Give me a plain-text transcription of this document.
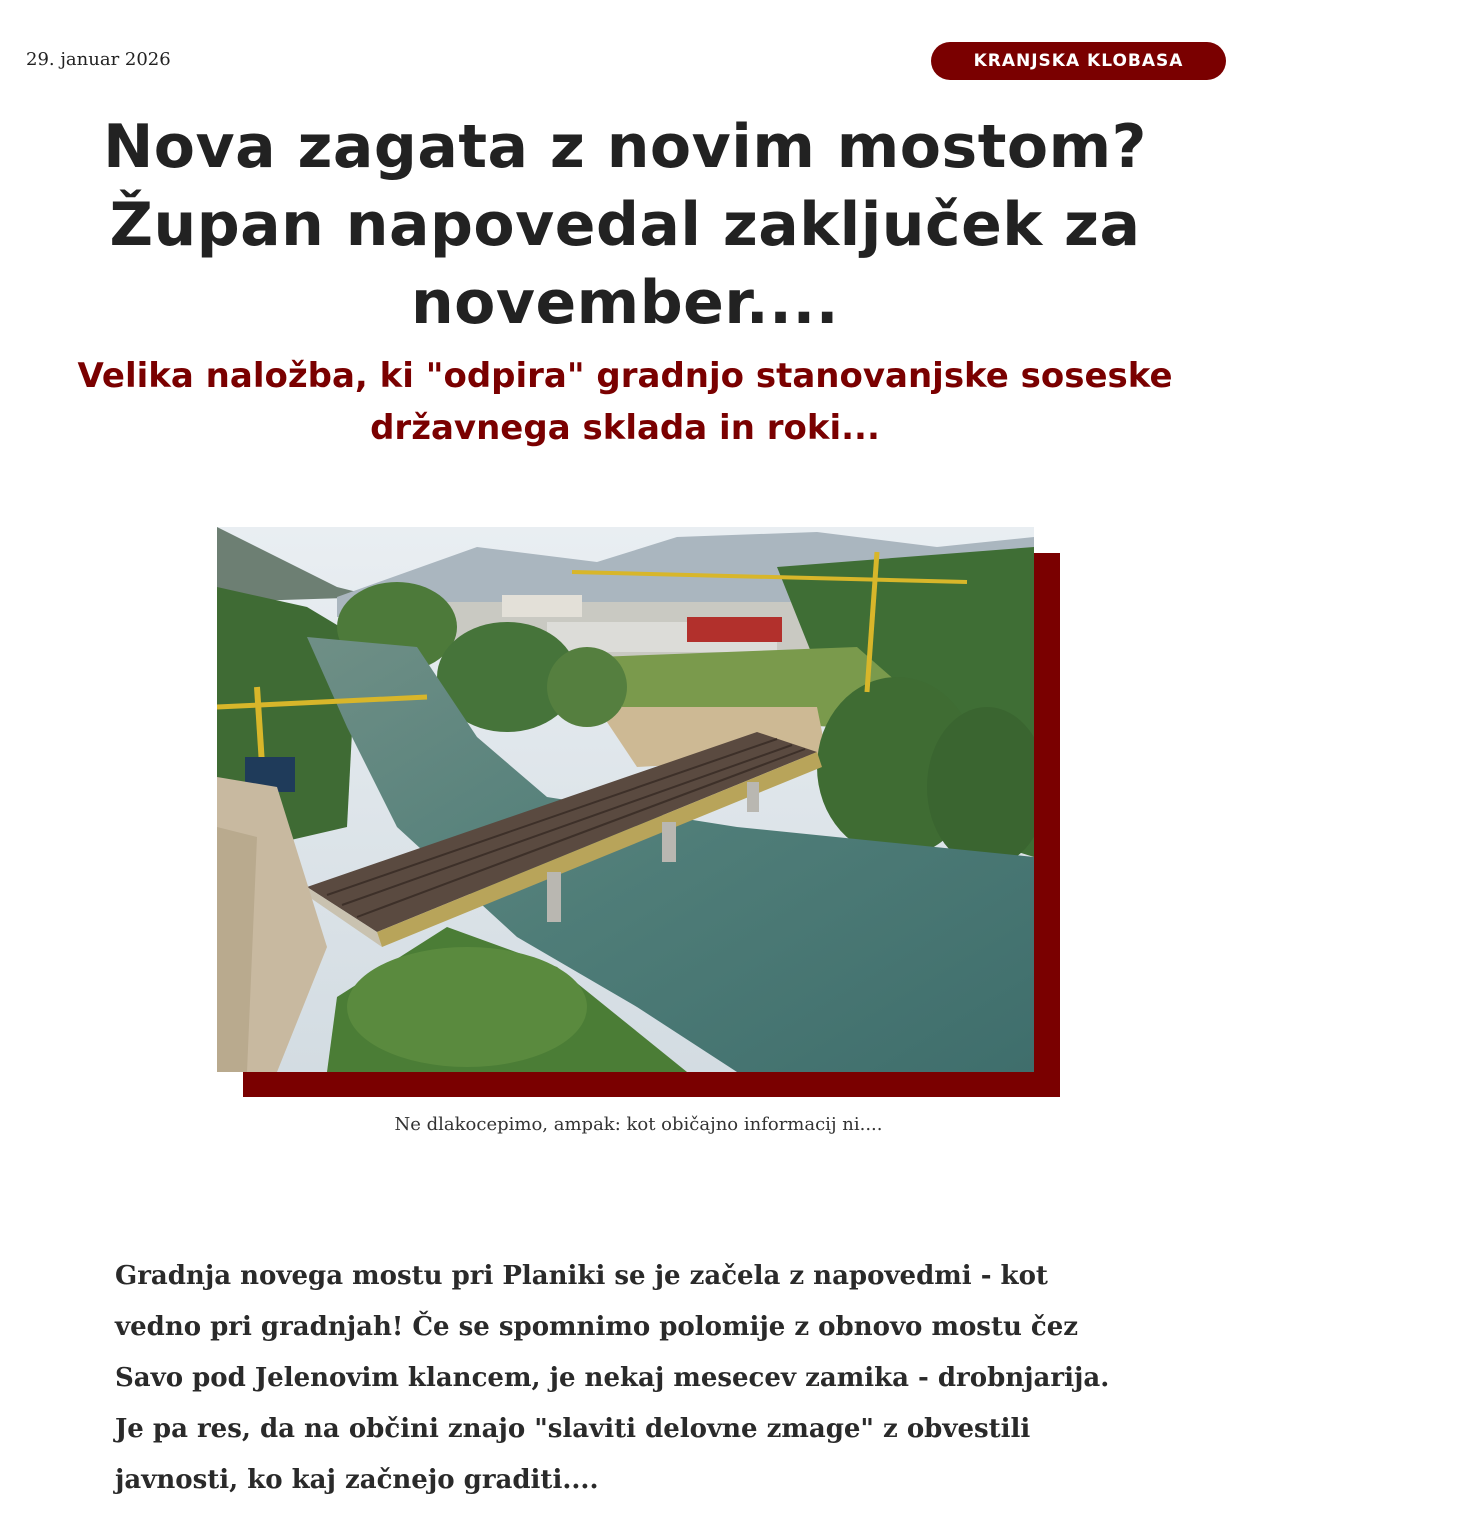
29. januar 2026	KRANJSKA KLOBASA
Nova zagata z novim mostom? Župan napovedal zaključek za november....
Velika naložba, ki "odpira" gradnjo stanovanjske soseske državnega sklada in roki...
Ne dlakocepimo, ampak: kot običajno informacij ni....

Gradnja novega mostu pri Planiki se je začela z napovedmi - kot vedno pri gradnjah! Če se spomnimo polomije z obnovo mostu čez Savo pod Jelenovim klancem, je nekaj mesecev zamika - drobnjarija. Je pa res, da na občini znajo "slaviti delovne zmage" z obvestili javnosti, ko kaj začnejo graditi....
